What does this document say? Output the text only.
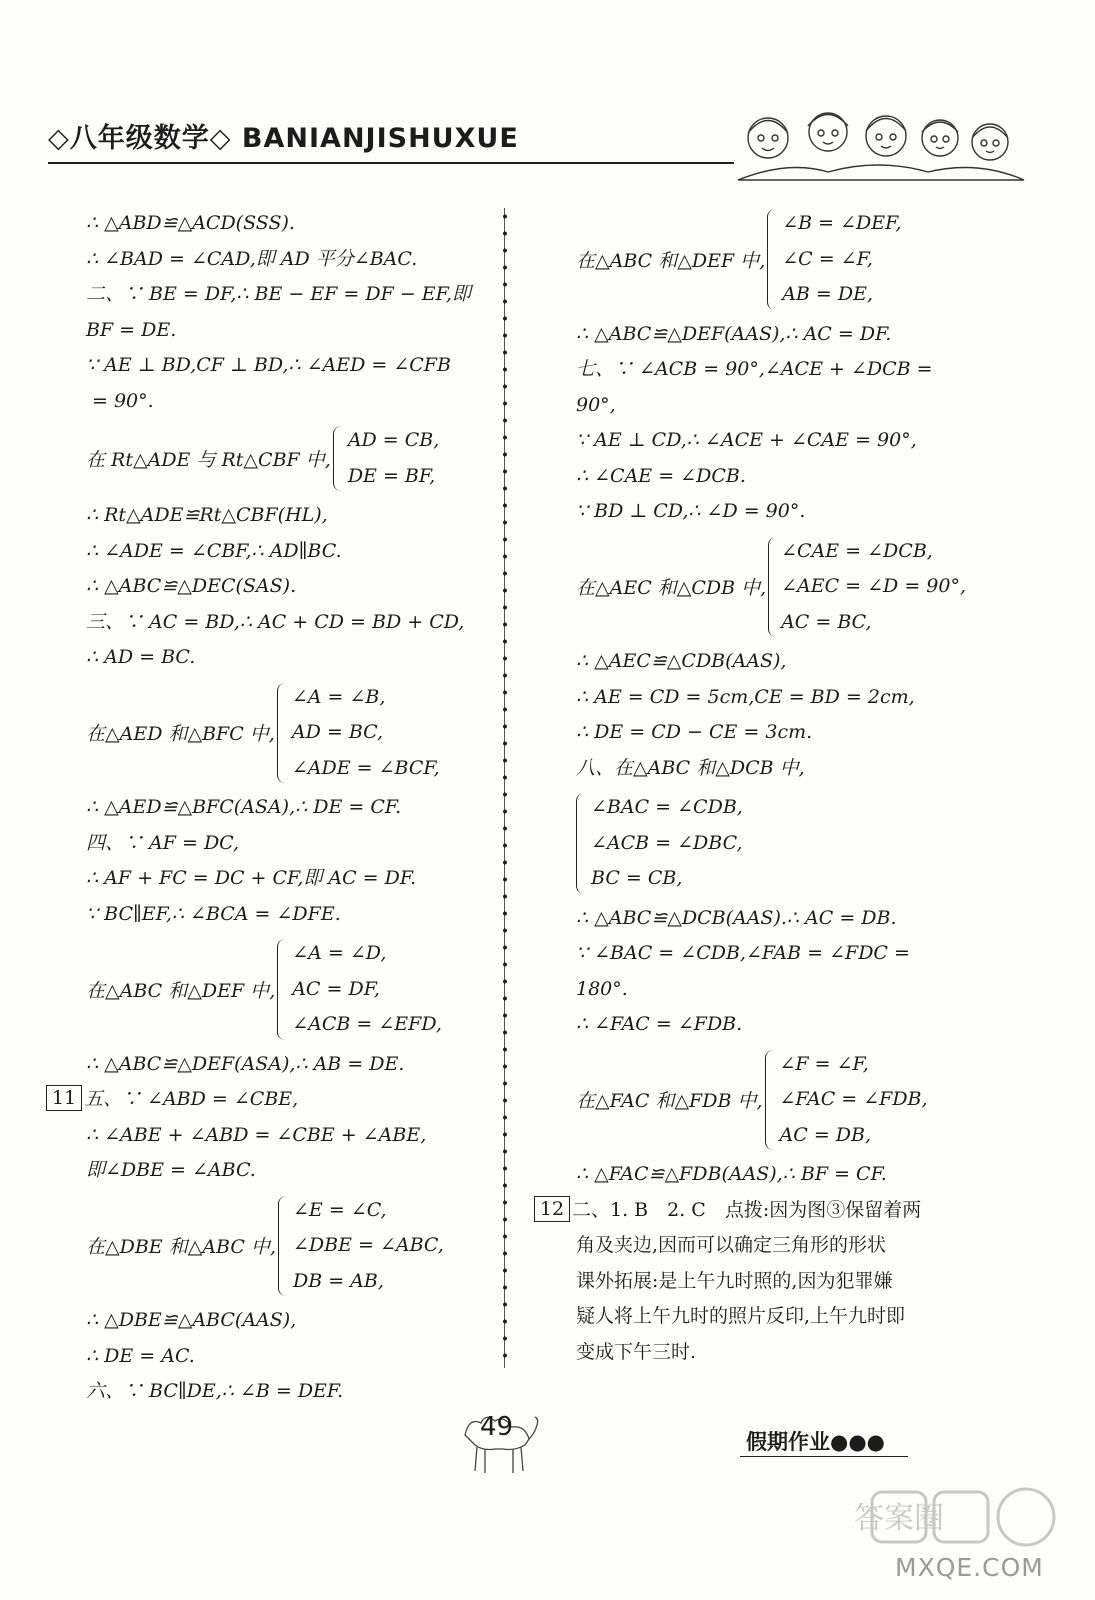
◇八年级数学◇ BANIANJISHUXUE
∴ △ABD≌△ACD(SSS).
∴ ∠BAD = ∠CAD,即 AD 平分∠BAC.
二、∵ BE = DF,∴ BE − EF = DF − EF,即
BF = DE.
∵ AE ⊥ BD,CF ⊥ BD,∴ ∠AED = ∠CFB
= 90°.
在 Rt△ADE 与 Rt△CBF 中,
AD = CB,
DE = BF,
∴ Rt△ADE≌Rt△CBF(HL),
∴ ∠ADE = ∠CBF,∴ AD∥BC.
∴ △ABC≌△DEC(SAS).
三、∵ AC = BD,∴ AC + CD = BD + CD,
∴ AD = BC.
在△AED 和△BFC 中,
∠A = ∠B,
AD = BC,
∠ADE = ∠BCF,
∴ △AED≌△BFC(ASA),∴ DE = CF.
四、∵ AF = DC,
∴ AF + FC = DC + CF,即 AC = DF.
∵ BC∥EF,∴ ∠BCA = ∠DFE.
在△ABC 和△DEF 中,
∠A = ∠D,
AC = DF,
∠ACB = ∠EFD,
∴ △ABC≌△DEF(ASA),∴ AB = DE.
11 五、∵ ∠ABD = ∠CBE,
∴ ∠ABE + ∠ABD = ∠CBE + ∠ABE,
即∠DBE = ∠ABC.
在△DBE 和△ABC 中,
∠E = ∠C,
∠DBE = ∠ABC,
DB = AB,
∴ △DBE≌△ABC(AAS),
∴ DE = AC.
六、∵ BC∥DE,∴ ∠B = DEF.
在△ABC 和△DEF 中,
∠B = ∠DEF,
∠C = ∠F,
AB = DE,
∴ △ABC≌△DEF(AAS),∴ AC = DF.
七、∵ ∠ACB = 90°,∠ACE + ∠DCB =
90°,
∵ AE ⊥ CD,∴ ∠ACE + ∠CAE = 90°,
∴ ∠CAE = ∠DCB.
∵ BD ⊥ CD,∴ ∠D = 90°.
在△AEC 和△CDB 中,
∠CAE = ∠DCB,
∠AEC = ∠D = 90°,
AC = BC,
∴ △AEC≌△CDB(AAS),
∴ AE = CD = 5cm,CE = BD = 2cm,
∴ DE = CD − CE = 3cm.
八、在△ABC 和△DCB 中,
∠BAC = ∠CDB,
∠ACB = ∠DBC,
BC = CB,
∴ △ABC≌△DCB(AAS).∴ AC = DB.
∵ ∠BAC = ∠CDB,∠FAB = ∠FDC =
180°.
∴ ∠FAC = ∠FDB.
在△FAC 和△FDB 中,
∠F = ∠F,
∠FAC = ∠FDB,
AC = DB,
∴ △FAC≌△FDB(AAS),∴ BF = CF.
12 二、1. B　2. C　点拨:因为图③保留着两
角及夹边,因而可以确定三角形的形状
课外拓展:是上午九时照的,因为犯罪嫌
疑人将上午九时的照片反印,上午九时即
变成下午三时.
49	假期作业●●●
答案圈
MXQE.COM
